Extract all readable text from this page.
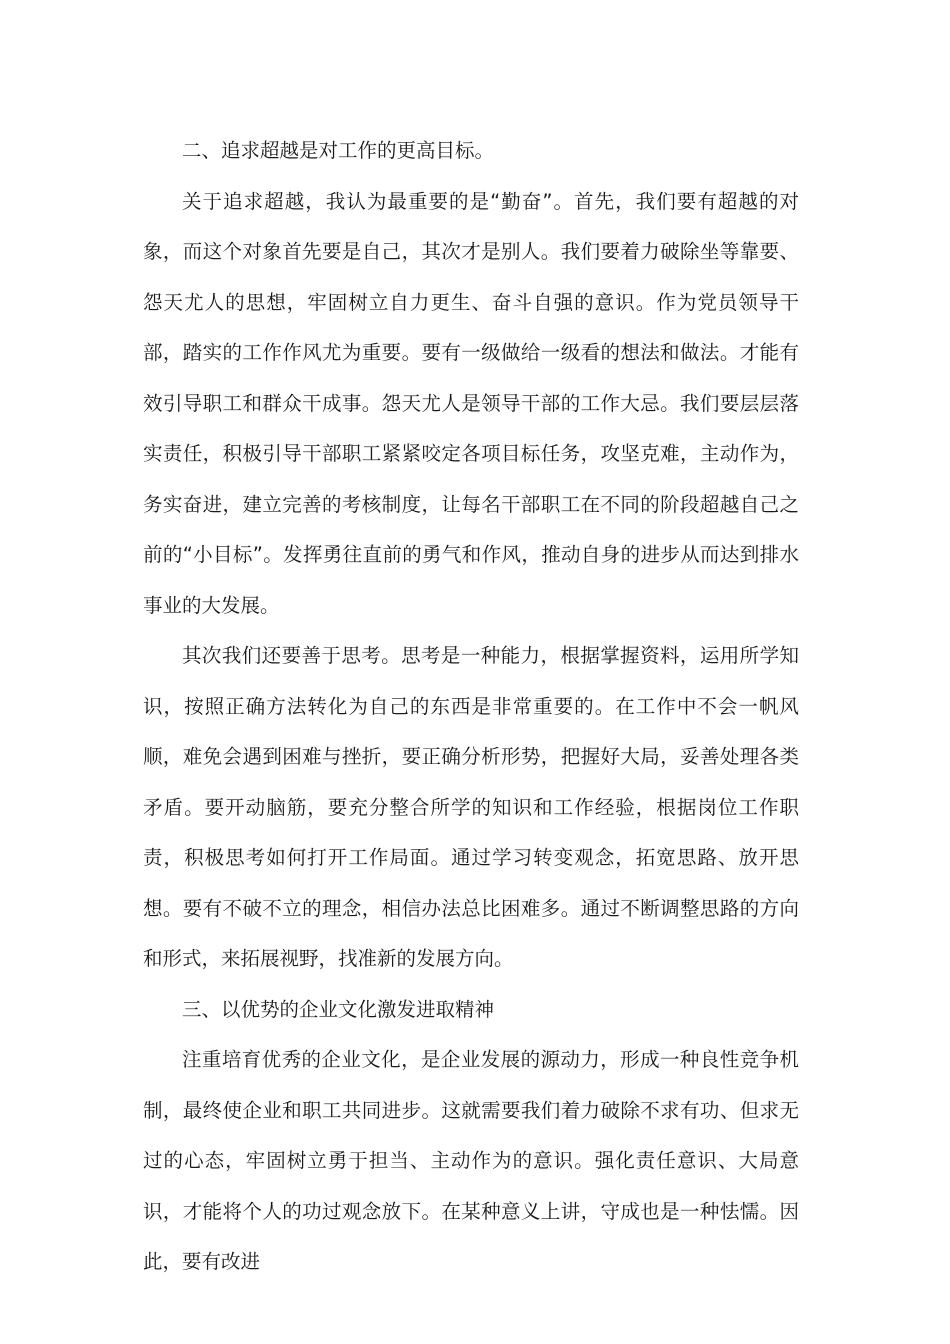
二、追求超越是对工作的更高目标。

关于追求超越，我认为最重要的是“勤奋”。首先，我们要有超越的对象，而这个对象首先要是自己，其次才是别人。我们要着力破除坐等靠要、怨天尤人的思想，牢固树立自力更生、奋斗自强的意识。作为党员领导干部，踏实的工作作风尤为重要。要有一级做给一级看的想法和做法。才能有效引导职工和群众干成事。怨天尤人是领导干部的工作大忌。我们要层层落实责任，积极引导干部职工紧紧咬定各项目标任务，攻坚克难，主动作为，务实奋进，建立完善的考核制度，让每名干部职工在不同的阶段超越自己之前的“小目标”。发挥勇往直前的勇气和作风，推动自身的进步从而达到排水事业的大发展。

其次我们还要善于思考。思考是一种能力，根据掌握资料，运用所学知识，按照正确方法转化为自己的东西是非常重要的。在工作中不会一帆风顺，难免会遇到困难与挫折，要正确分析形势，把握好大局，妥善处理各类矛盾。要开动脑筋，要充分整合所学的知识和工作经验，根据岗位工作职责，积极思考如何打开工作局面。通过学习转变观念，拓宽思路、放开思想。要有不破不立的理念，相信办法总比困难多。通过不断调整思路的方向和形式，来拓展视野，找准新的发展方向。

三、以优势的企业文化激发进取精神

注重培育优秀的企业文化，是企业发展的源动力，形成一种良性竞争机制，最终使企业和职工共同进步。这就需要我们着力破除不求有功、但求无过的心态，牢固树立勇于担当、主动作为的意识。强化责任意识、大局意识，才能将个人的功过观念放下。在某种意义上讲，守成也是一种怯懦。因此，要有改进
